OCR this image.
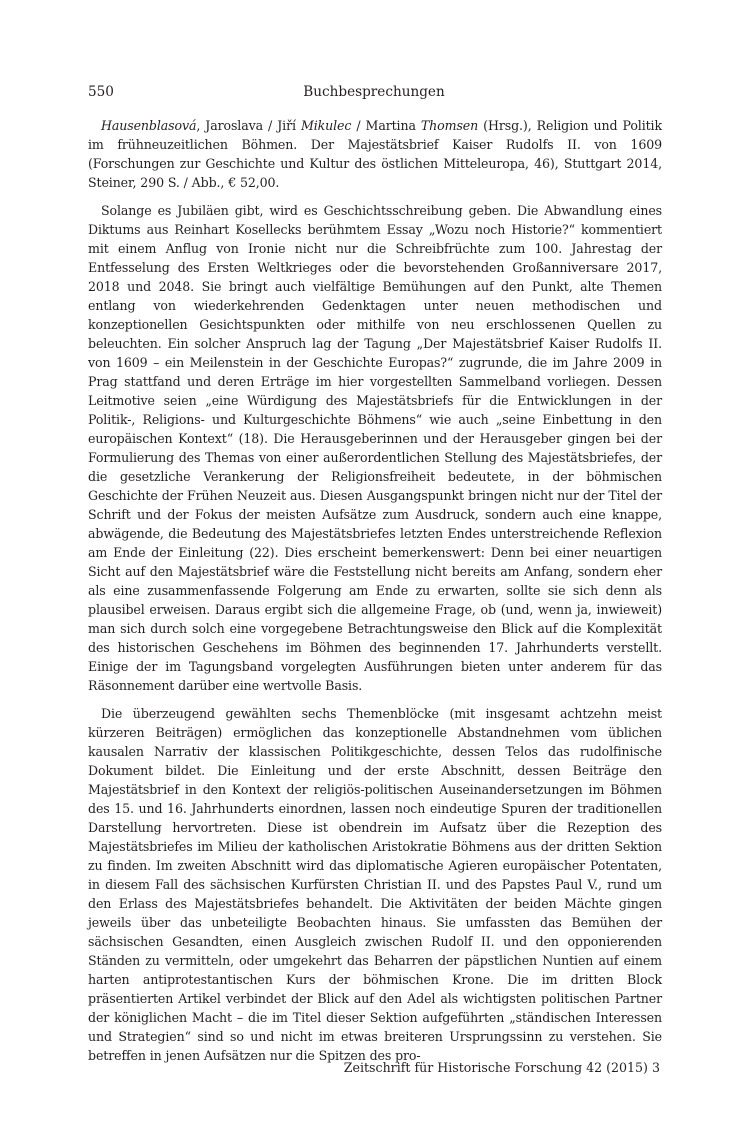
550	Buchbesprechungen

Hausenblasová, Jaroslava / Jiří Mikulec / Martina Thomsen (Hrsg.), Religion und Politik im frühneuzeitlichen Böhmen. Der Majestätsbrief Kaiser Rudolfs II. von 1609 (Forschungen zur Geschichte und Kultur des östlichen Mitteleuropa, 46), Stuttgart 2014, Steiner, 290 S. / Abb., € 52,00.

Solange es Jubiläen gibt, wird es Geschichtsschreibung geben. Die Abwandlung eines Diktums aus Reinhart Kosellecks berühmtem Essay „Wozu noch Historie?“ kommentiert mit einem Anflug von Ironie nicht nur die Schreibfrüchte zum 100. Jahrestag der Entfesselung des Ersten Weltkrieges oder die bevorstehenden Großanniversare 2017, 2018 und 2048. Sie bringt auch vielfältige Bemühungen auf den Punkt, alte Themen entlang von wiederkehrenden Gedenktagen unter neuen methodischen und konzeptionellen Gesichtspunkten oder mithilfe von neu erschlossenen Quellen zu beleuchten. Ein solcher Anspruch lag der Tagung „Der Majestätsbrief Kaiser Rudolfs II. von 1609 – ein Meilenstein in der Geschichte Europas?“ zugrunde, die im Jahre 2009 in Prag stattfand und deren Erträge im hier vorgestellten Sammelband vorliegen. Dessen Leitmotive seien „eine Würdigung des Majestätsbriefs für die Entwicklungen in der Politik-, Religions- und Kulturgeschichte Böhmens“ wie auch „seine Einbettung in den europäischen Kontext“ (18). Die Herausgeberinnen und der Herausgeber gingen bei der Formulierung des Themas von einer außerordentlichen Stellung des Majestätsbriefes, der die gesetzliche Verankerung der Religionsfreiheit bedeutete, in der böhmischen Geschichte der Frühen Neuzeit aus. Diesen Ausgangspunkt bringen nicht nur der Titel der Schrift und der Fokus der meisten Aufsätze zum Ausdruck, sondern auch eine knappe, abwägende, die Bedeutung des Majestätsbriefes letzten Endes unterstreichende Reflexion am Ende der Einleitung (22). Dies erscheint bemerkenswert: Denn bei einer neuartigen Sicht auf den Majestätsbrief wäre die Feststellung nicht bereits am Anfang, sondern eher als eine zusammenfassende Folgerung am Ende zu erwarten, sollte sie sich denn als plausibel erweisen. Daraus ergibt sich die allgemeine Frage, ob (und, wenn ja, inwieweit) man sich durch solch eine vorgegebene Betrachtungsweise den Blick auf die Komplexität des historischen Geschehens im Böhmen des beginnenden 17. Jahrhunderts verstellt. Einige der im Tagungsband vorgelegten Ausführungen bieten unter anderem für das Räsonnement darüber eine wertvolle Basis.

Die überzeugend gewählten sechs Themenblöcke (mit insgesamt achtzehn meist kürzeren Beiträgen) ermöglichen das konzeptionelle Abstandnehmen vom üblichen kausalen Narrativ der klassischen Politikgeschichte, dessen Telos das rudolfinische Dokument bildet. Die Einleitung und der erste Abschnitt, dessen Beiträge den Majestätsbrief in den Kontext der religiös-politischen Auseinandersetzungen im Böhmen des 15. und 16. Jahrhunderts einordnen, lassen noch eindeutige Spuren der traditionellen Darstellung hervortreten. Diese ist obendrein im Aufsatz über die Rezeption des Majestätsbriefes im Milieu der katholischen Aristokratie Böhmens aus der dritten Sektion zu finden. Im zweiten Abschnitt wird das diplomatische Agieren europäischer Potentaten, in diesem Fall des sächsischen Kurfürsten Christian II. und des Papstes Paul V., rund um den Erlass des Majestätsbriefes behandelt. Die Aktivitäten der beiden Mächte gingen jeweils über das unbeteiligte Beobachten hinaus. Sie umfassten das Bemühen der sächsischen Gesandten, einen Ausgleich zwischen Rudolf II. und den opponierenden Ständen zu vermitteln, oder umgekehrt das Beharren der päpstlichen Nuntien auf einem harten antiprotestantischen Kurs der böhmischen Krone. Die im dritten Block präsentierten Artikel verbindet der Blick auf den Adel als wichtigsten politischen Partner der königlichen Macht – die im Titel dieser Sektion aufgeführten „ständischen Interessen und Strategien“ sind so und nicht im etwas breiteren Ursprungssinn zu verstehen. Sie betreffen in jenen Aufsätzen nur die Spitzen des pro-

Zeitschrift für Historische Forschung 42 (2015) 3
